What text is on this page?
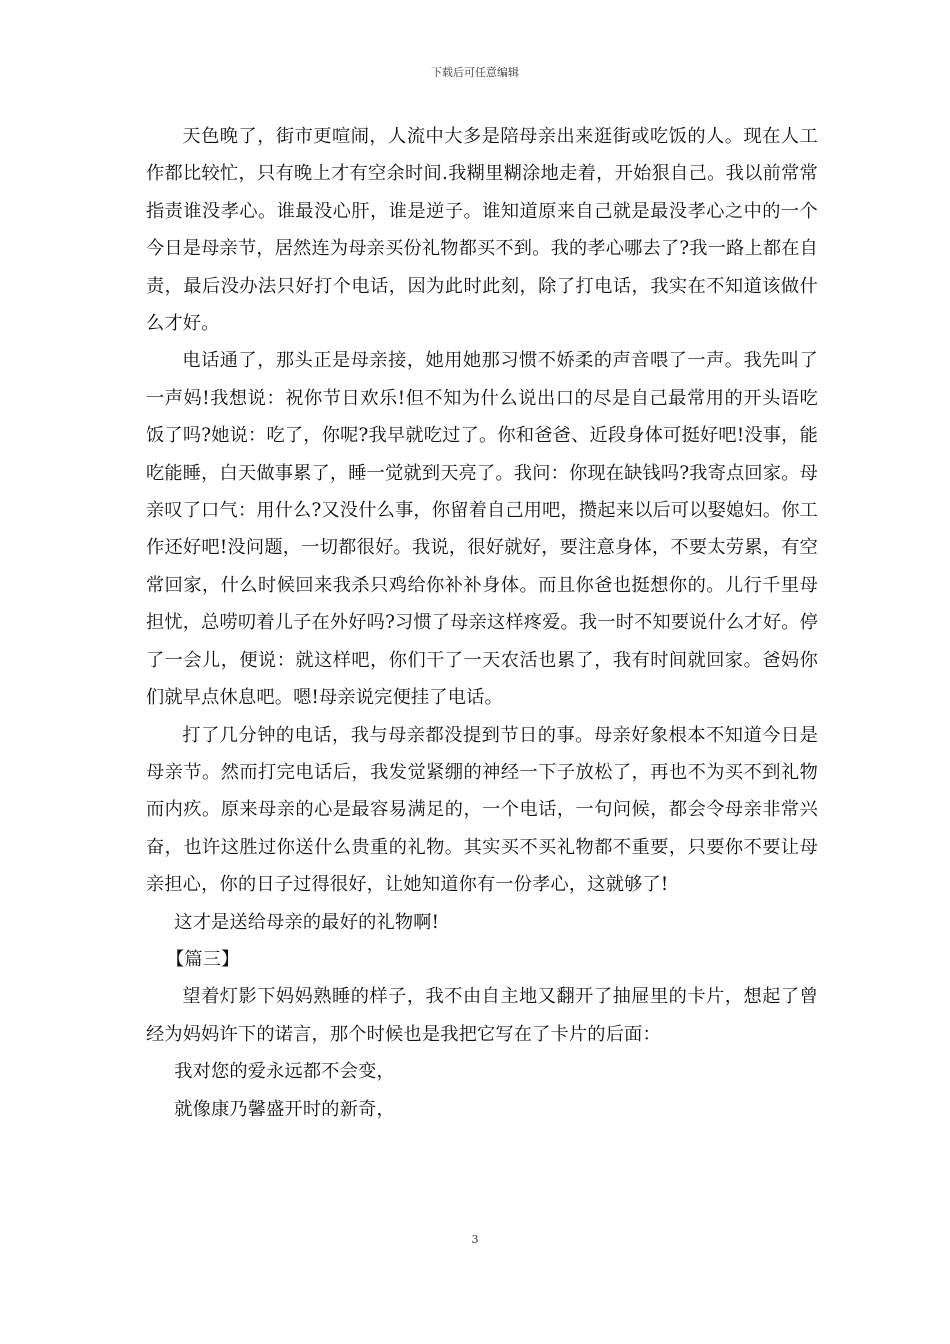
下载后可任意编辑

天色晚了，街市更喧闹，人流中大多是陪母亲出来逛街或吃饭的人。现在人工作都比较忙，只有晚上才有空余时间.我糊里糊涂地走着，开始狠自己。我以前常常指责谁没孝心。谁最没心肝，谁是逆子。谁知道原来自己就是最没孝心之中的一个今日是母亲节，居然连为母亲买份礼物都买不到。我的孝心哪去了?我一路上都在自责，最后没办法只好打个电话，因为此时此刻，除了打电话，我实在不知道该做什么才好。

电话通了，那头正是母亲接，她用她那习惯不娇柔的声音喂了一声。我先叫了一声妈!我想说：祝你节日欢乐!但不知为什么说出口的尽是自己最常用的开头语吃饭了吗?她说：吃了，你呢?我早就吃过了。你和爸爸、近段身体可挺好吧!没事，能吃能睡，白天做事累了，睡一觉就到天亮了。我问：你现在缺钱吗?我寄点回家。母亲叹了口气：用什么?又没什么事，你留着自己用吧，攒起来以后可以娶媳妇。你工作还好吧!没问题，一切都很好。我说，很好就好，要注意身体，不要太劳累，有空常回家，什么时候回来我杀只鸡给你补补身体。而且你爸也挺想你的。儿行千里母担忧，总唠叨着儿子在外好吗?习惯了母亲这样疼爱。我一时不知要说什么才好。停了一会儿，便说：就这样吧，你们干了一天农活也累了，我有时间就回家。爸妈你们就早点休息吧。嗯!母亲说完便挂了电话。

打了几分钟的电话，我与母亲都没提到节日的事。母亲好象根本不知道今日是母亲节。然而打完电话后，我发觉紧绷的神经一下子放松了，再也不为买不到礼物而内疚。原来母亲的心是最容易满足的，一个电话，一句问候，都会令母亲非常兴奋，也许这胜过你送什么贵重的礼物。其实买不买礼物都不重要，只要你不要让母亲担心，你的日子过得很好，让她知道你有一份孝心，这就够了!

这才是送给母亲的最好的礼物啊!

【篇三】

望着灯影下妈妈熟睡的样子，我不由自主地又翻开了抽屉里的卡片，想起了曾经为妈妈许下的诺言，那个时候也是我把它写在了卡片的后面：

我对您的爱永远都不会变，

就像康乃馨盛开时的新奇，

3
